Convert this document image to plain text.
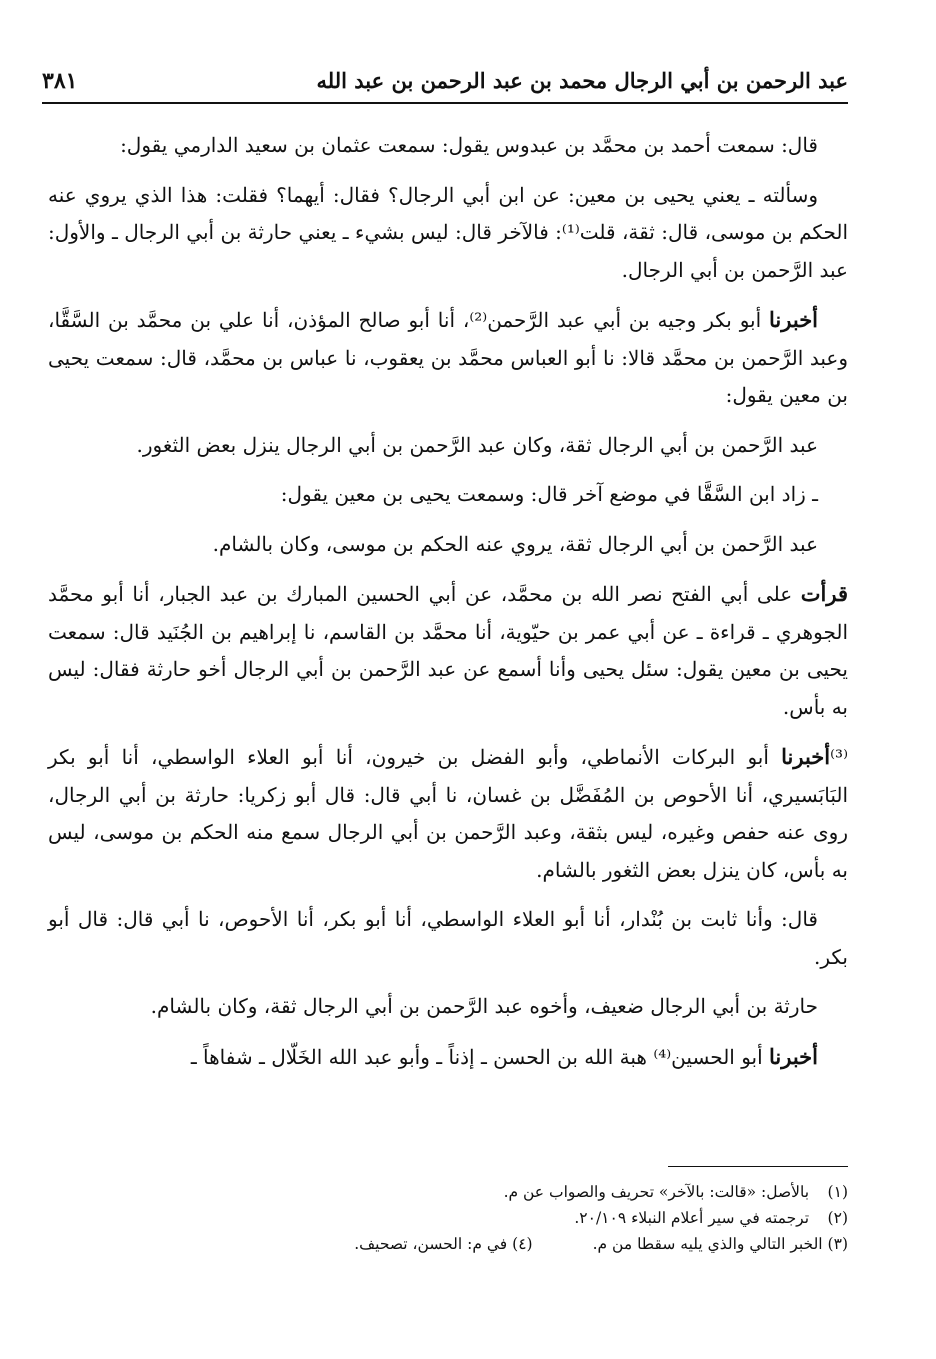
عبد الرحمن بن أبي الرجال محمد بن عبد الرحمن بن عبد الله
٣٨١

قال: سمعت أحمد بن محمَّد بن عبدوس يقول: سمعت عثمان بن سعيد الدارمي يقول:

وسألته ـ يعني يحيى بن معين: عن ابن أبي الرجال؟ فقال: أيهما؟ فقلت: هذا الذي يروي عنه الحكم بن موسى، قال: ثقة، قلت⁽¹⁾: فالآخر قال: ليس بشيء ـ يعني حارثة بن أبي الرجال ـ والأول: عبد الرَّحمن بن أبي الرجال.

أخبرنا أبو بكر وجيه بن أبي عبد الرَّحمن⁽²⁾، أنا أبو صالح المؤذن، أنا علي بن محمَّد بن السَّقَّا، وعبد الرَّحمن بن محمَّد قالا: نا أبو العباس محمَّد بن يعقوب، نا عباس بن محمَّد، قال: سمعت يحيى بن معين يقول:

عبد الرَّحمن بن أبي الرجال ثقة، وكان عبد الرَّحمن بن أبي الرجال ينزل بعض الثغور.

ـ زاد ابن السَّقَّا في موضع آخر قال: وسمعت يحيى بن معين يقول:

عبد الرَّحمن بن أبي الرجال ثقة، يروي عنه الحكم بن موسى، وكان بالشام.

قرأت على أبي الفتح نصر الله بن محمَّد، عن أبي الحسين المبارك بن عبد الجبار، أنا أبو محمَّد الجوهري ـ قراءة ـ عن أبي عمر بن حيّوية، أنا محمَّد بن القاسم، نا إبراهيم بن الجُنَيد قال: سمعت يحيى بن معين يقول: سئل يحيى وأنا أسمع عن عبد الرَّحمن بن أبي الرجال أخو حارثة فقال: ليس به بأس.

⁽³⁾أخبرنا أبو البركات الأنماطي، وأبو الفضل بن خيرون، أنا أبو العلاء الواسطي، أنا أبو بكر البَابَسيري، أنا الأحوص بن المُفَضَّل بن غسان، نا أبي قال: قال أبو زكريا: حارثة بن أبي الرجال، روى عنه حفص وغيره، ليس بثقة، وعبد الرَّحمن بن أبي الرجال سمع منه الحكم بن موسى، ليس به بأس، كان ينزل بعض الثغور بالشام.

قال: وأنا ثابت بن بُنْدار، أنا أبو العلاء الواسطي، أنا أبو بكر، أنا الأحوص، نا أبي قال: قال أبو بكر.

حارثة بن أبي الرجال ضعيف، وأخوه عبد الرَّحمن بن أبي الرجال ثقة، وكان بالشام.

أخبرنا أبو الحسين⁽⁴⁾ هبة الله بن الحسن ـ إذناً ـ وأبو عبد الله الخَلّال ـ شفاهاً ـ

(١) بالأصل: «قالت: بالآخر» تحريف والصواب عن م.
(٢) ترجمته في سير أعلام النبلاء ٢٠/١٠٩.
(٣) الخبر التالي والذي يليه سقطا من م.
(٤) في م: الحسن، تصحيف.
